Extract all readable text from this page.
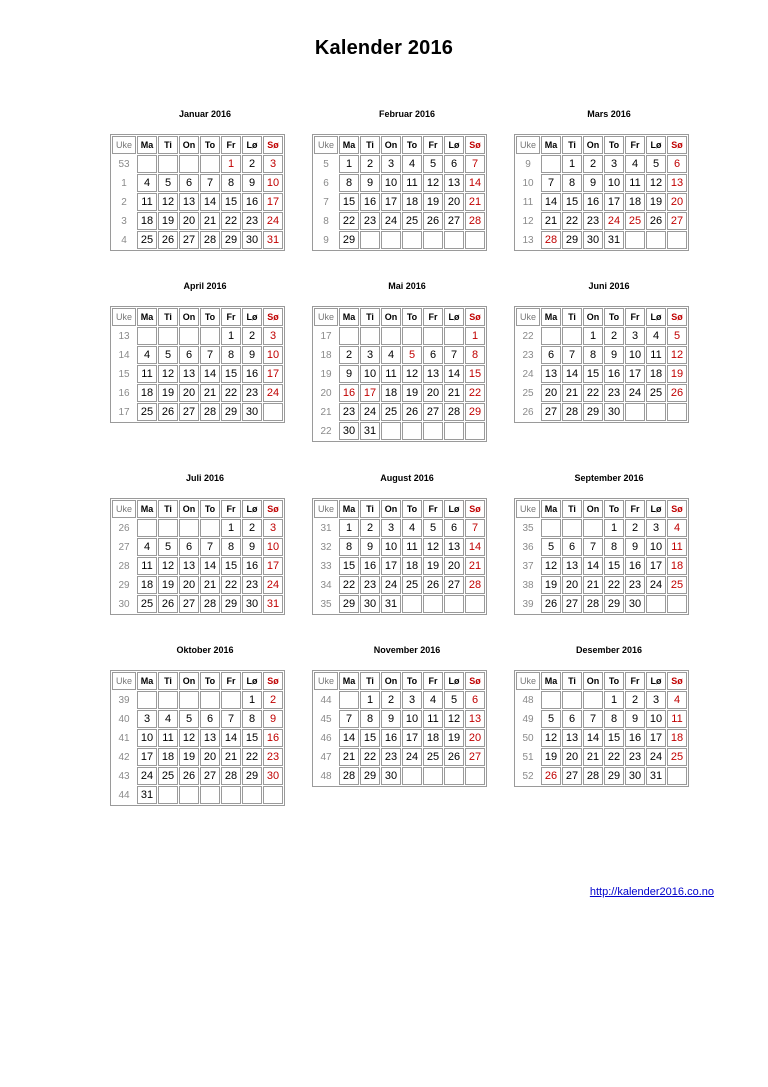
Kalender 2016
Januar 2016
Uke	Ma	Ti	On	To	Fr	Lø	Sø
53					1	2	3
1	4	5	6	7	8	9	10
2	11	12	13	14	15	16	17
3	18	19	20	21	22	23	24
4	25	26	27	28	29	30	31
Februar 2016
Uke	Ma	Ti	On	To	Fr	Lø	Sø
5	1	2	3	4	5	6	7
6	8	9	10	11	12	13	14
7	15	16	17	18	19	20	21
8	22	23	24	25	26	27	28
9	29						
Mars 2016
Uke	Ma	Ti	On	To	Fr	Lø	Sø
9		1	2	3	4	5	6
10	7	8	9	10	11	12	13
11	14	15	16	17	18	19	20
12	21	22	23	24	25	26	27
13	28	29	30	31			
April 2016
Uke	Ma	Ti	On	To	Fr	Lø	Sø
13					1	2	3
14	4	5	6	7	8	9	10
15	11	12	13	14	15	16	17
16	18	19	20	21	22	23	24
17	25	26	27	28	29	30	
Mai 2016
Uke	Ma	Ti	On	To	Fr	Lø	Sø
17							1
18	2	3	4	5	6	7	8
19	9	10	11	12	13	14	15
20	16	17	18	19	20	21	22
21	23	24	25	26	27	28	29
22	30	31					
Juni 2016
Uke	Ma	Ti	On	To	Fr	Lø	Sø
22			1	2	3	4	5
23	6	7	8	9	10	11	12
24	13	14	15	16	17	18	19
25	20	21	22	23	24	25	26
26	27	28	29	30			
Juli 2016
Uke	Ma	Ti	On	To	Fr	Lø	Sø
26					1	2	3
27	4	5	6	7	8	9	10
28	11	12	13	14	15	16	17
29	18	19	20	21	22	23	24
30	25	26	27	28	29	30	31
August 2016
Uke	Ma	Ti	On	To	Fr	Lø	Sø
31	1	2	3	4	5	6	7
32	8	9	10	11	12	13	14
33	15	16	17	18	19	20	21
34	22	23	24	25	26	27	28
35	29	30	31				
September 2016
Uke	Ma	Ti	On	To	Fr	Lø	Sø
35				1	2	3	4
36	5	6	7	8	9	10	11
37	12	13	14	15	16	17	18
38	19	20	21	22	23	24	25
39	26	27	28	29	30		
Oktober 2016
Uke	Ma	Ti	On	To	Fr	Lø	Sø
39						1	2
40	3	4	5	6	7	8	9
41	10	11	12	13	14	15	16
42	17	18	19	20	21	22	23
43	24	25	26	27	28	29	30
44	31						
November 2016
Uke	Ma	Ti	On	To	Fr	Lø	Sø
44		1	2	3	4	5	6
45	7	8	9	10	11	12	13
46	14	15	16	17	18	19	20
47	21	22	23	24	25	26	27
48	28	29	30				
Desember 2016
Uke	Ma	Ti	On	To	Fr	Lø	Sø
48				1	2	3	4
49	5	6	7	8	9	10	11
50	12	13	14	15	16	17	18
51	19	20	21	22	23	24	25
52	26	27	28	29	30	31	
http://kalender2016.co.no
